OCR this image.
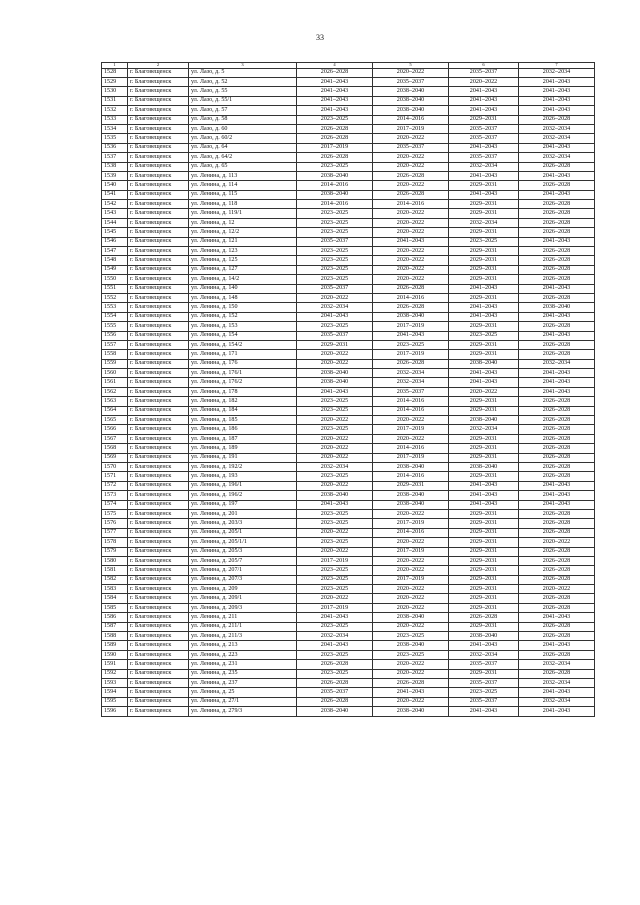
33
1	2	3	4	5	6	7
1528	г. Благовещенск	ул. Лазо, д. 5	2026–2028	2020–2022	2035–2037	2032–2034
1529	г. Благовещенск	ул. Лазо, д. 52	2041–2043	2035–2037	2020–2022	2041–2043
1530	г. Благовещенск	ул. Лазо, д. 55	2041–2043	2038–2040	2041–2043	2041–2043
1531	г. Благовещенск	ул. Лазо, д. 55/1	2041–2043	2038–2040	2041–2043	2041–2043
1532	г. Благовещенск	ул. Лазо, д. 57	2041–2043	2038–2040	2041–2043	2041–2043
1533	г. Благовещенск	ул. Лазо, д. 58	2023–2025	2014–2016	2029–2031	2026–2028
1534	г. Благовещенск	ул. Лазо, д. 60	2026–2028	2017–2019	2035–2037	2032–2034
1535	г. Благовещенск	ул. Лазо, д. 60/2	2026–2028	2020–2022	2035–2037	2032–2034
1536	г. Благовещенск	ул. Лазо, д. 64	2017–2019	2035–2037	2041–2043	2041–2043
1537	г. Благовещенск	ул. Лазо, д. 64/2	2026–2028	2020–2022	2035–2037	2032–2034
1538	г. Благовещенск	ул. Лазо, д. 65	2023–2025	2020–2022	2032–2034	2026–2028
1539	г. Благовещенск	ул. Ленина, д. 113	2038–2040	2026–2028	2041–2043	2041–2043
1540	г. Благовещенск	ул. Ленина, д. 114	2014–2016	2020–2022	2029–2031	2026–2028
1541	г. Благовещенск	ул. Ленина, д. 115	2038–2040	2026–2028	2041–2043	2041–2043
1542	г. Благовещенск	ул. Ленина, д. 118	2014–2016	2014–2016	2029–2031	2026–2028
1543	г. Благовещенск	ул. Ленина, д. 119/1	2023–2025	2020–2022	2029–2031	2026–2028
1544	г. Благовещенск	ул. Ленина, д. 12	2023–2025	2020–2022	2032–2034	2026–2028
1545	г. Благовещенск	ул. Ленина, д. 12/2	2023–2025	2020–2022	2029–2031	2026–2028
1546	г. Благовещенск	ул. Ленина, д. 121	2035–2037	2041–2043	2023–2025	2041–2043
1547	г. Благовещенск	ул. Ленина, д. 123	2023–2025	2020–2022	2029–2031	2026–2028
1548	г. Благовещенск	ул. Ленина, д. 125	2023–2025	2020–2022	2029–2031	2026–2028
1549	г. Благовещенск	ул. Ленина, д. 127	2023–2025	2020–2022	2029–2031	2026–2028
1550	г. Благовещенск	ул. Ленина, д. 14/2	2023–2025	2020–2022	2029–2031	2026–2028
1551	г. Благовещенск	ул. Ленина, д. 140	2035–2037	2026–2028	2041–2043	2041–2043
1552	г. Благовещенск	ул. Ленина, д. 148	2020–2022	2014–2016	2029–2031	2026–2028
1553	г. Благовещенск	ул. Ленина, д. 150	2032–2034	2026–2028	2041–2043	2038–2040
1554	г. Благовещенск	ул. Ленина, д. 152	2041–2043	2038–2040	2041–2043	2041–2043
1555	г. Благовещенск	ул. Ленина, д. 153	2023–2025	2017–2019	2029–2031	2026–2028
1556	г. Благовещенск	ул. Ленина, д. 154	2035–2037	2041–2043	2023–2025	2041–2043
1557	г. Благовещенск	ул. Ленина, д. 154/2	2029–2031	2023–2025	2029–2031	2026–2028
1558	г. Благовещенск	ул. Ленина, д. 171	2020–2022	2017–2019	2029–2031	2026–2028
1559	г. Благовещенск	ул. Ленина, д. 176	2020–2022	2026–2028	2038–2040	2032–2034
1560	г. Благовещенск	ул. Ленина, д. 176/1	2038–2040	2032–2034	2041–2043	2041–2043
1561	г. Благовещенск	ул. Ленина, д. 176/2	2038–2040	2032–2034	2041–2043	2041–2043
1562	г. Благовещенск	ул. Ленина, д. 178	2041–2043	2035–2037	2020–2022	2041–2043
1563	г. Благовещенск	ул. Ленина, д. 182	2023–2025	2014–2016	2029–2031	2026–2028
1564	г. Благовещенск	ул. Ленина, д. 184	2023–2025	2014–2016	2029–2031	2026–2028
1565	г. Благовещенск	ул. Ленина, д. 185	2020–2022	2020–2022	2038–2040	2026–2028
1566	г. Благовещенск	ул. Ленина, д. 186	2023–2025	2017–2019	2032–2034	2026–2028
1567	г. Благовещенск	ул. Ленина, д. 187	2020–2022	2020–2022	2029–2031	2026–2028
1568	г. Благовещенск	ул. Ленина, д. 189	2020–2022	2014–2016	2029–2031	2026–2028
1569	г. Благовещенск	ул. Ленина, д. 191	2020–2022	2017–2019	2029–2031	2026–2028
1570	г. Благовещенск	ул. Ленина, д. 192/2	2032–2034	2038–2040	2038–2040	2026–2028
1571	г. Благовещенск	ул. Ленина, д. 193	2023–2025	2014–2016	2029–2031	2026–2028
1572	г. Благовещенск	ул. Ленина, д. 196/1	2020–2022	2029–2031	2041–2043	2041–2043
1573	г. Благовещенск	ул. Ленина, д. 196/2	2038–2040	2038–2040	2041–2043	2041–2043
1574	г. Благовещенск	ул. Ленина, д. 197	2041–2043	2038–2040	2041–2043	2041–2043
1575	г. Благовещенск	ул. Ленина, д. 201	2023–2025	2020–2022	2029–2031	2026–2028
1576	г. Благовещенск	ул. Ленина, д. 203/3	2023–2025	2017–2019	2029–2031	2026–2028
1577	г. Благовещенск	ул. Ленина, д. 205/1	2020–2022	2014–2016	2029–2031	2026–2028
1578	г. Благовещенск	ул. Ленина, д. 205/1/1	2023–2025	2020–2022	2029–2031	2020–2022
1579	г. Благовещенск	ул. Ленина, д. 205/3	2020–2022	2017–2019	2029–2031	2026–2028
1580	г. Благовещенск	ул. Ленина, д. 205/7	2017–2019	2020–2022	2029–2031	2026–2028
1581	г. Благовещенск	ул. Ленина, д. 207/1	2023–2025	2020–2022	2029–2031	2026–2028
1582	г. Благовещенск	ул. Ленина, д. 207/3	2023–2025	2017–2019	2029–2031	2026–2028
1583	г. Благовещенск	ул. Ленина, д. 209	2023–2025	2020–2022	2029–2031	2020–2022
1584	г. Благовещенск	ул. Ленина, д. 209/1	2020–2022	2020–2022	2029–2031	2026–2028
1585	г. Благовещенск	ул. Ленина, д. 209/3	2017–2019	2020–2022	2029–2031	2026–2028
1586	г. Благовещенск	ул. Ленина, д. 211	2041–2043	2038–2040	2026–2028	2041–2043
1587	г. Благовещенск	ул. Ленина, д. 211/1	2023–2025	2020–2022	2029–2031	2026–2028
1588	г. Благовещенск	ул. Ленина, д. 211/3	2032–2034	2023–2025	2038–2040	2026–2028
1589	г. Благовещенск	ул. Ленина, д. 213	2041–2043	2038–2040	2041–2043	2041–2043
1590	г. Благовещенск	ул. Ленина, д. 223	2023–2025	2023–2025	2032–2034	2026–2028
1591	г. Благовещенск	ул. Ленина, д. 231	2026–2028	2020–2022	2035–2037	2032–2034
1592	г. Благовещенск	ул. Ленина, д. 235	2023–2025	2020–2022	2029–2031	2026–2028
1593	г. Благовещенск	ул. Ленина, д. 237	2026–2028	2026–2028	2035–2037	2032–2034
1594	г. Благовещенск	ул. Ленина, д. 25	2035–2037	2041–2043	2023–2025	2041–2043
1595	г. Благовещенск	ул. Ленина, д. 27/1	2026–2028	2020–2022	2035–2037	2032–2034
1596	г. Благовещенск	ул. Ленина, д. 279/3	2038–2040	2038–2040	2041–2043	2041–2043
